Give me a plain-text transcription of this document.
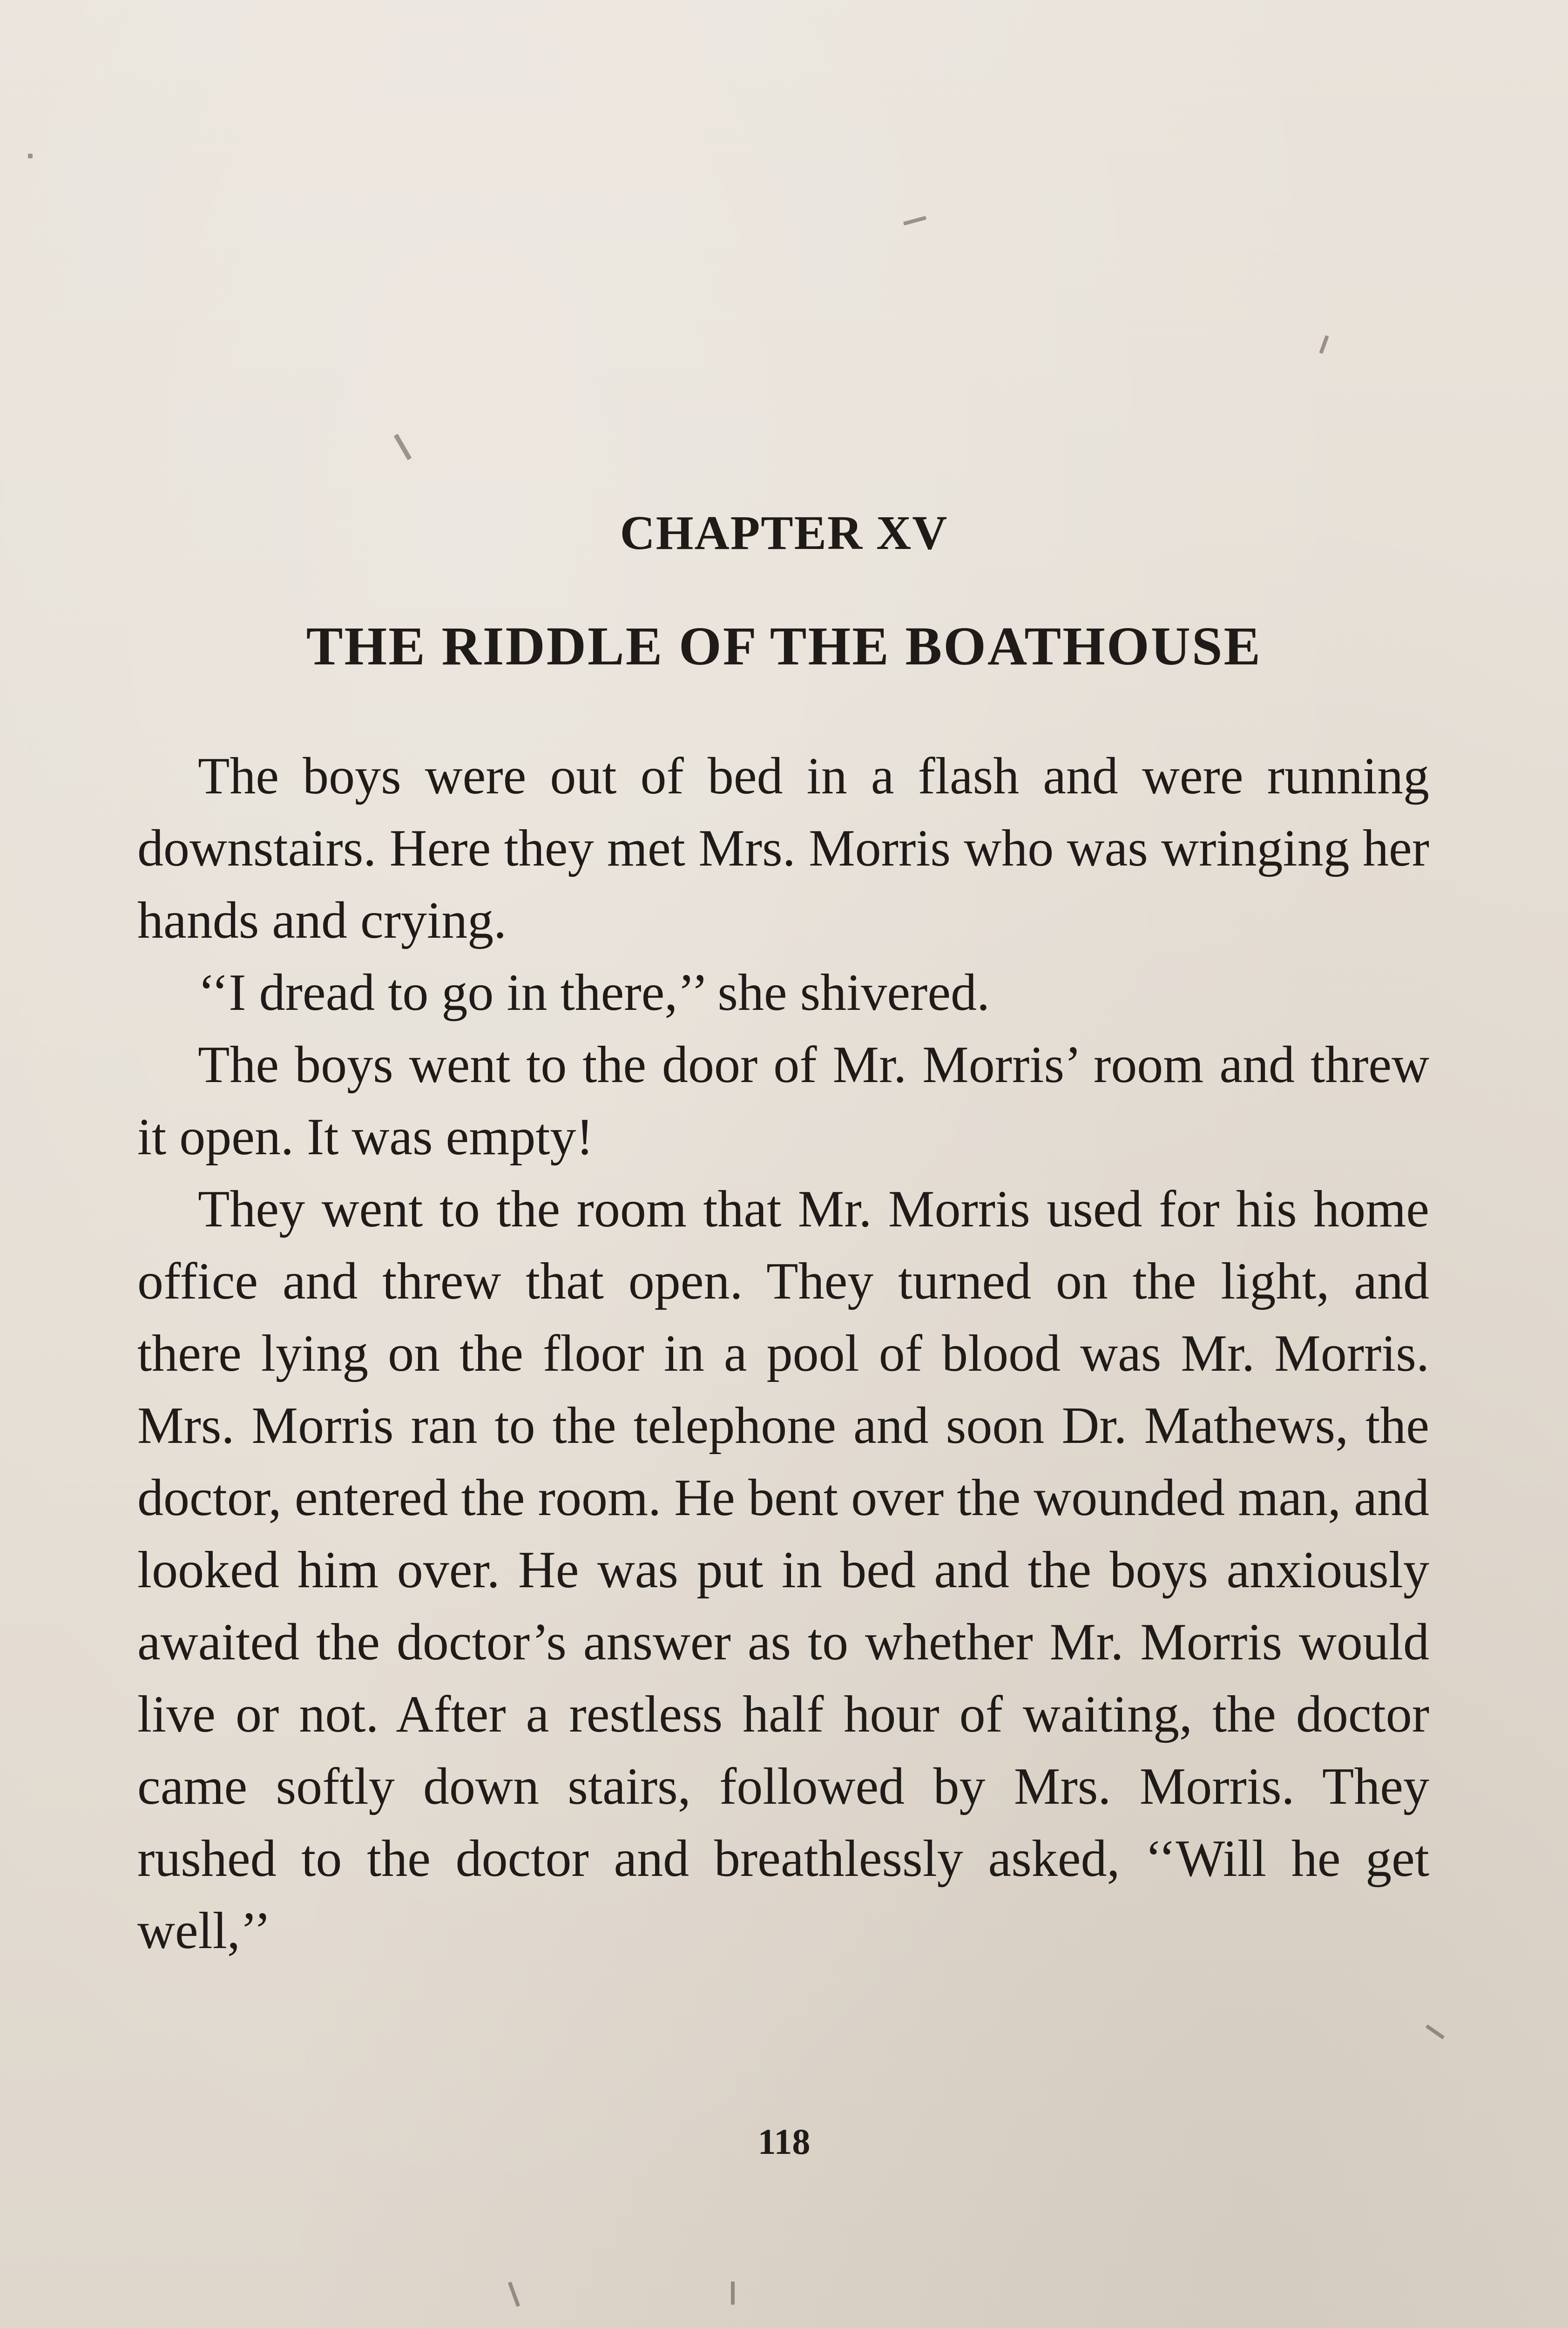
CHAPTER XV
THE RIDDLE OF THE BOATHOUSE

The boys were out of bed in a flash and were running downstairs. Here they met Mrs. Morris who was wringing her hands and crying.

‘‘I dread to go in there,’’ she shivered.

The boys went to the door of Mr. Morris’ room and threw it open. It was empty!

They went to the room that Mr. Morris used for his home office and threw that open. They turned on the light, and there lying on the floor in a pool of blood was Mr. Morris. Mrs. Morris ran to the telephone and soon Dr. Mathews, the doctor, entered the room. He bent over the wounded man, and looked him over. He was put in bed and the boys anxiously awaited the doctor’s answer as to whether Mr. Morris would live or not. After a restless half hour of waiting, the doctor came softly down stairs, followed by Mrs. Morris. They rushed to the doctor and breathlessly asked, ‘‘Will he get well,’’

118
